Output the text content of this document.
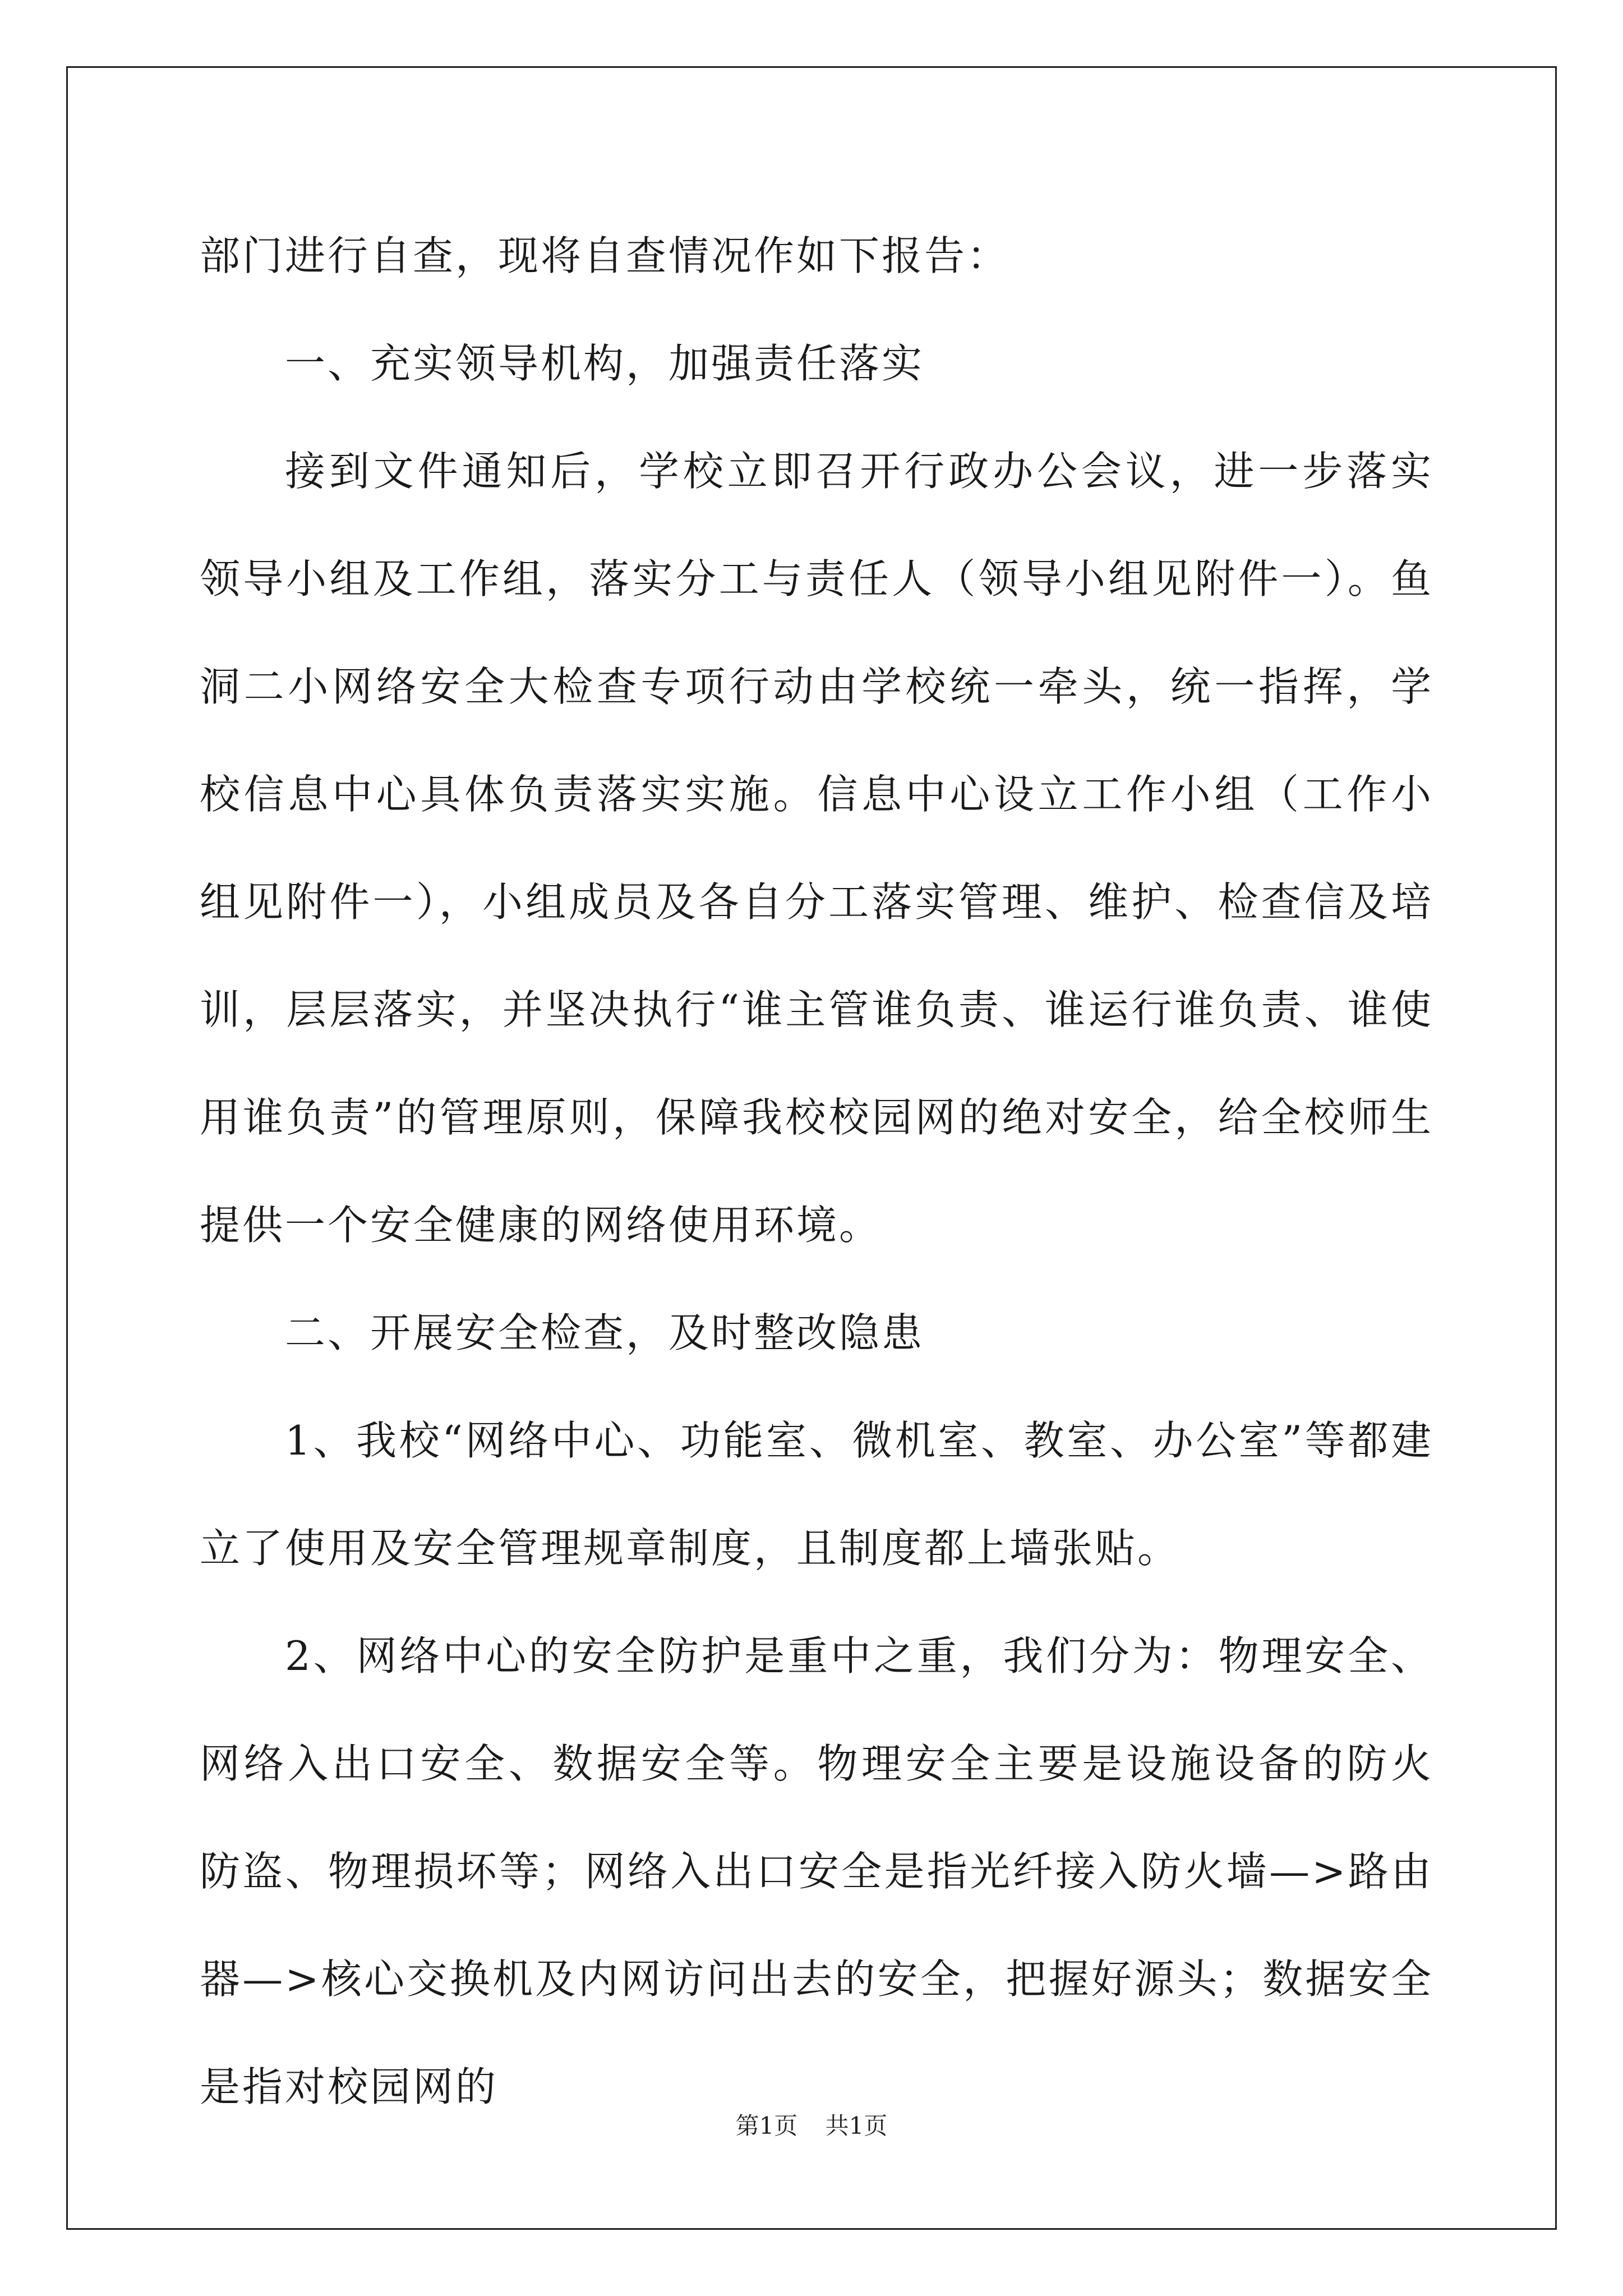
部门进行自查，现将自查情况作如下报告：

一、充实领导机构，加强责任落实

接到文件通知后，学校立即召开行政办公会议，进一步落实领导小组及工作组，落实分工与责任人（领导小组见附件一）。鱼洞二小网络安全大检查专项行动由学校统一牵头，统一指挥，学校信息中心具体负责落实实施。信息中心设立工作小组（工作小组见附件一），小组成员及各自分工落实管理、维护、检查信及培训，层层落实，并坚决执行“谁主管谁负责、谁运行谁负责、谁使用谁负责”的管理原则，保障我校校园网的绝对安全，给全校师生提供一个安全健康的网络使用环境。

二、开展安全检查，及时整改隐患

1、我校“网络中心、功能室、微机室、教室、办公室”等都建立了使用及安全管理规章制度，且制度都上墙张贴。

2、网络中心的安全防护是重中之重，我们分为：物理安全、网络入出口安全、数据安全等。物理安全主要是设施设备的防火防盗、物理损坏等；网络入出口安全是指光纤接入防火墙—>路由器—>核心交换机及内网访问出去的安全，把握好源头；数据安全是指对校园网的

第1页 共1页
